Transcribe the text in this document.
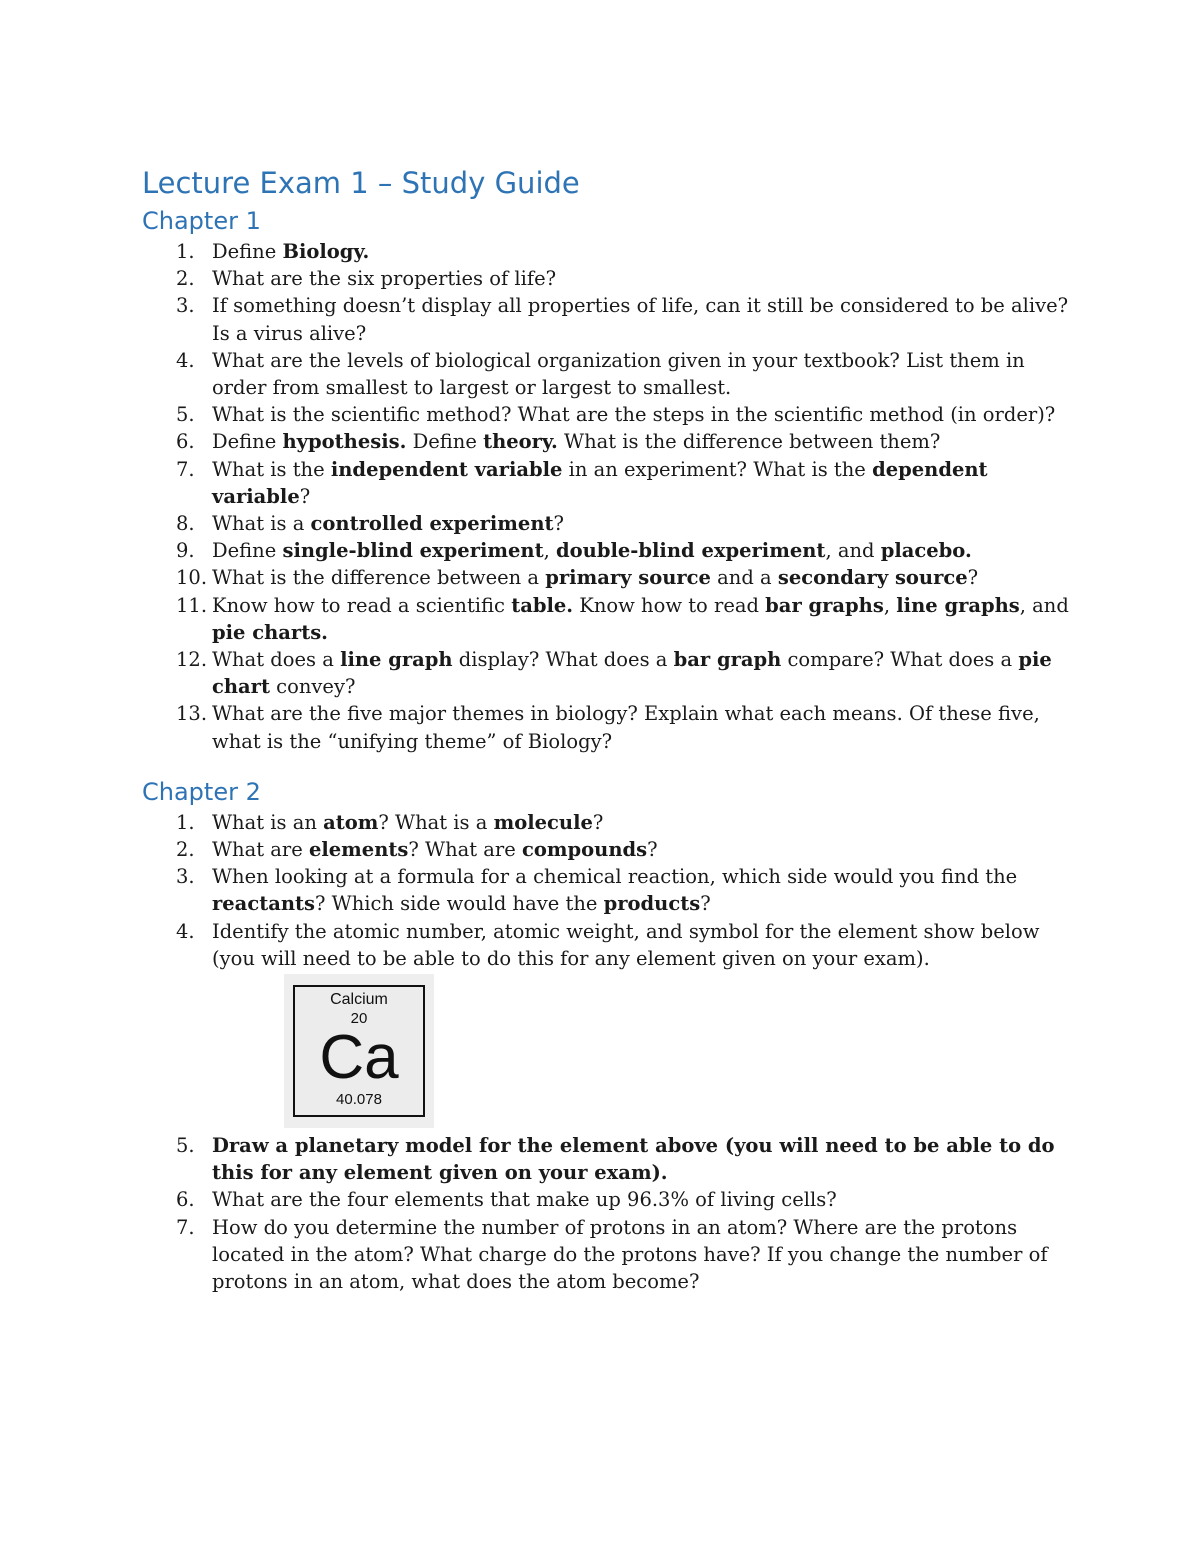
Lecture Exam 1 – Study Guide
Chapter 1
1. Define Biology.
2. What are the six properties of life?
3. If something doesn’t display all properties of life, can it still be considered to be alive? Is a virus alive?
4. What are the levels of biological organization given in your textbook? List them in order from smallest to largest or largest to smallest.
5. What is the scientific method? What are the steps in the scientific method (in order)?
6. Define hypothesis. Define theory. What is the difference between them?
7. What is the independent variable in an experiment? What is the dependent variable?
8. What is a controlled experiment?
9. Define single-blind experiment, double-blind experiment, and placebo.
10. What is the difference between a primary source and a secondary source?
11. Know how to read a scientific table. Know how to read bar graphs, line graphs, and pie charts.
12. What does a line graph display? What does a bar graph compare? What does a pie chart convey?
13. What are the five major themes in biology? Explain what each means. Of these five, what is the “unifying theme” of Biology?
Chapter 2
1. What is an atom? What is a molecule?
2. What are elements? What are compounds?
3. When looking at a formula for a chemical reaction, which side would you find the reactants? Which side would have the products?
4. Identify the atomic number, atomic weight, and symbol for the element show below (you will need to be able to do this for any element given on your exam).
Calcium
20
Ca
40.078
5. Draw a planetary model for the element above (you will need to be able to do this for any element given on your exam).
6. What are the four elements that make up 96.3% of living cells?
7. How do you determine the number of protons in an atom? Where are the protons located in the atom? What charge do the protons have? If you change the number of protons in an atom, what does the atom become?
